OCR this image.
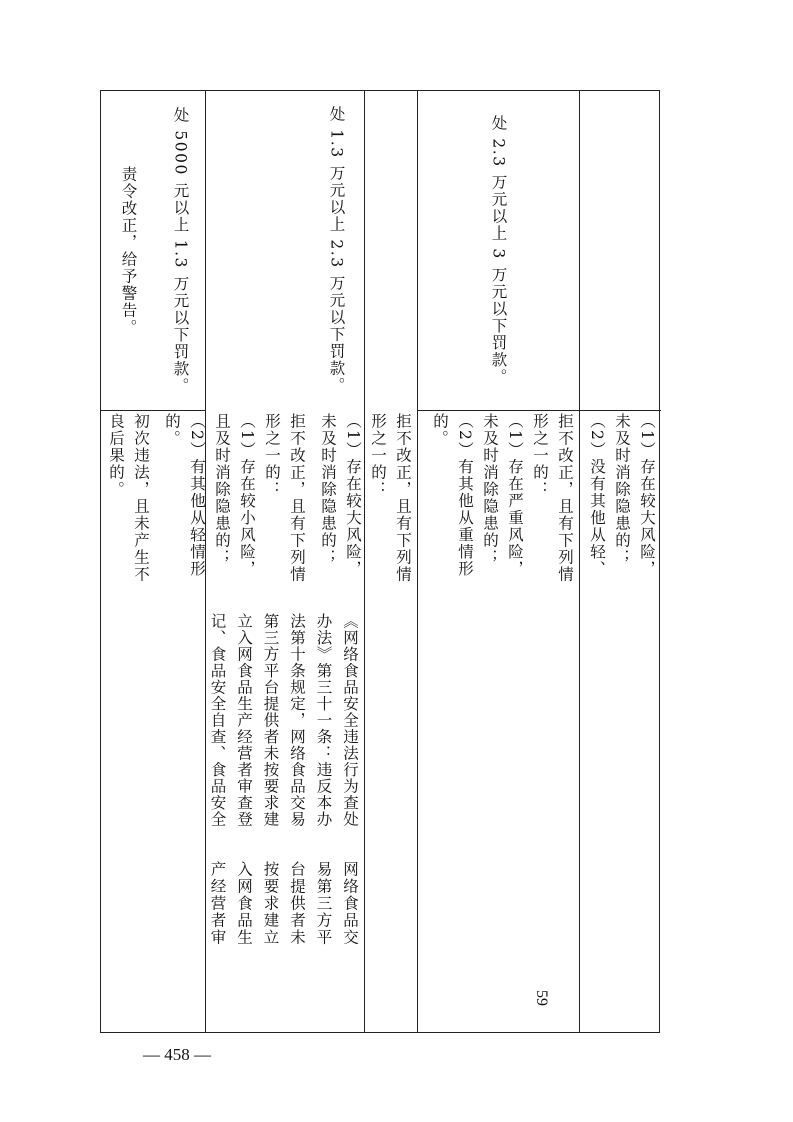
（1）存在较大风险，
未及时消除隐患的；
（2）没有其他从轻、
拒不改正，且有下列情
形之一的：
（1）存在严重风险，
未及时消除隐患的；
（2）有其他从重情形
的。
处 2.3 万元以上 3 万元以下罚款。
网络食品交
易第三方平
台提供者未
按要求建立
入网食品生
产经营者审
《网络食品安全违法行为查处
办法》第三十一条：违反本办
法第十条规定，网络食品交易
第三方平台提供者未按要求建
立入网食品生产经营者审查登
记、食品安全自查、食品安全
初次违法，且未产生不
良后果的。
责令改正，给予警告。
拒不改正，且有下列情
形之一的：
（1）存在较小风险，
且及时消除隐患的；
（2）有其他从轻情形
的。
处 5000 元以上 1.3 万元以下罚款。
拒不改正，且有下列情
形之一的：
（1）存在较大风险，
未及时消除隐患的；
处 1.3 万元以上 2.3 万元以下罚款。
59
— 458 —
